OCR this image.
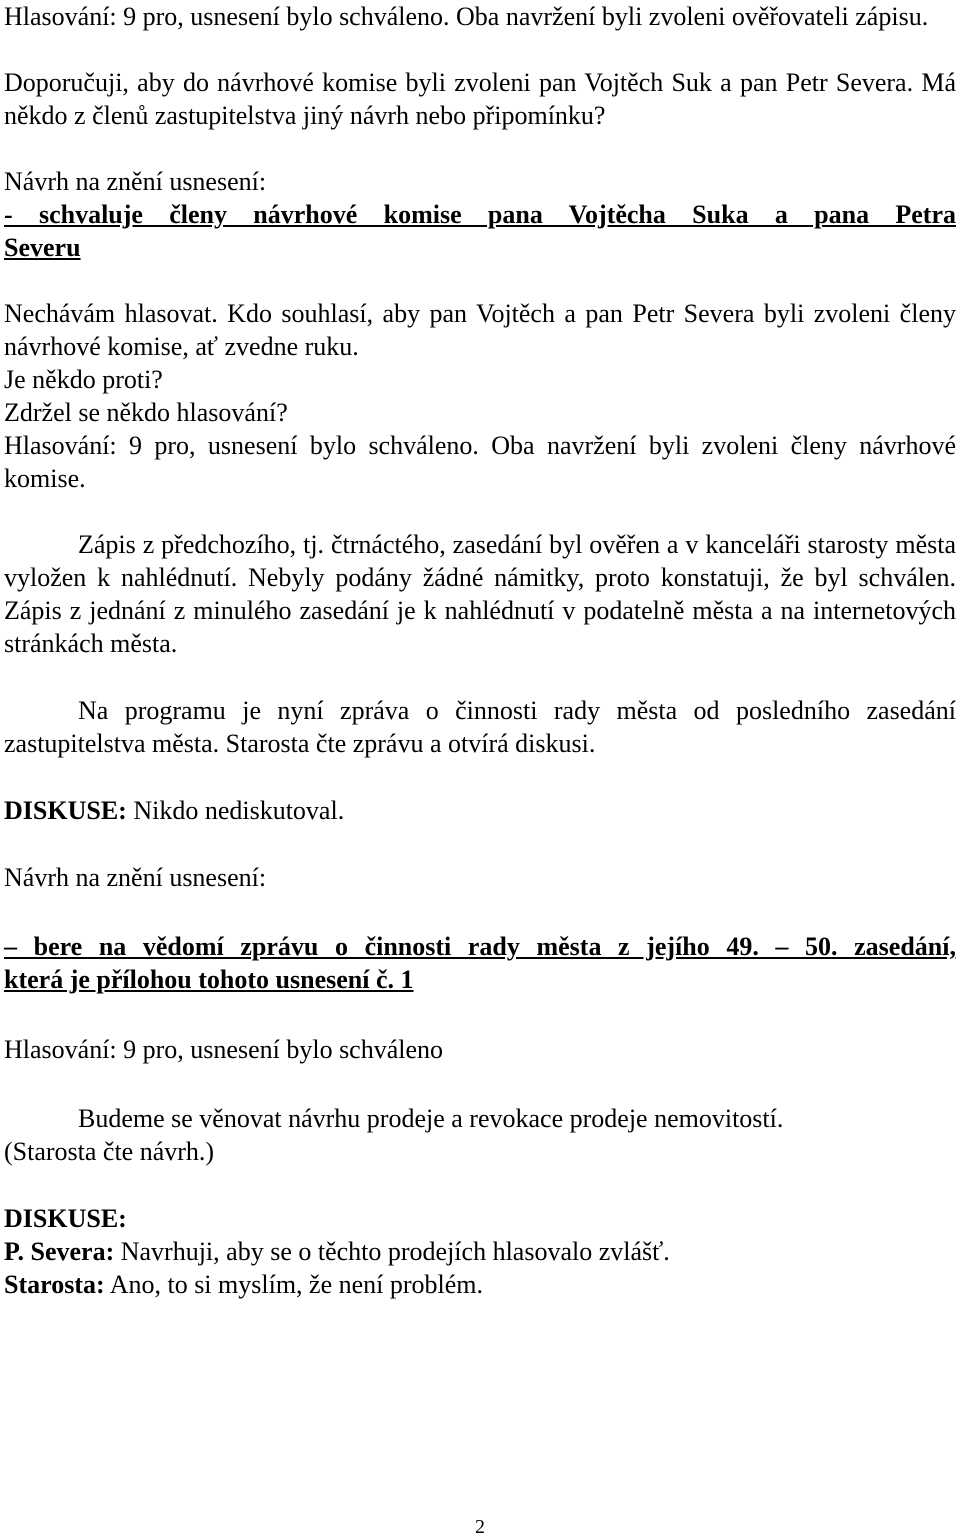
Hlasování: 9 pro, usnesení bylo schváleno. Oba navržení byli zvoleni ověřovateli zápisu.

Doporučuji, aby do návrhové komise byli zvoleni pan Vojtěch Suk a pan Petr Severa. Má někdo z členů zastupitelstva jiný návrh nebo připomínku?

Návrh na znění usnesení:

- schvaluje členy návrhové komise pana Vojtěcha Suka a pana Petra

Severu

Nechávám hlasovat. Kdo souhlasí, aby pan Vojtěch a pan Petr Severa byli zvoleni členy návrhové komise, ať zvedne ruku.

Je někdo proti?

Zdržel se někdo hlasování?

Hlasování: 9 pro, usnesení bylo schváleno. Oba navržení byli zvoleni členy návrhové komise.

Zápis z předchozího, tj. čtrnáctého, zasedání byl ověřen a v kanceláři starosty města vyložen k nahlédnutí. Nebyly podány žádné námitky, proto konstatuji, že byl schválen. Zápis z jednání z minulého zasedání je k nahlédnutí v podatelně města a na internetových stránkách města.

Na programu je nyní zpráva o činnosti rady města od posledního zasedání zastupitelstva města. Starosta čte zprávu a otvírá diskusi.

DISKUSE: Nikdo nediskutoval.

Návrh na znění usnesení:

– bere na vědomí zprávu o činnosti rady města z jejího 49. – 50. zasedání,

která je přílohou tohoto usnesení č. 1

Hlasování: 9 pro, usnesení bylo schváleno

Budeme se věnovat návrhu prodeje a revokace prodeje nemovitostí.

(Starosta čte návrh.)

DISKUSE:

P. Severa: Navrhuji, aby se o těchto prodejích hlasovalo zvlášť.

Starosta: Ano, to si myslím, že není problém.

2
